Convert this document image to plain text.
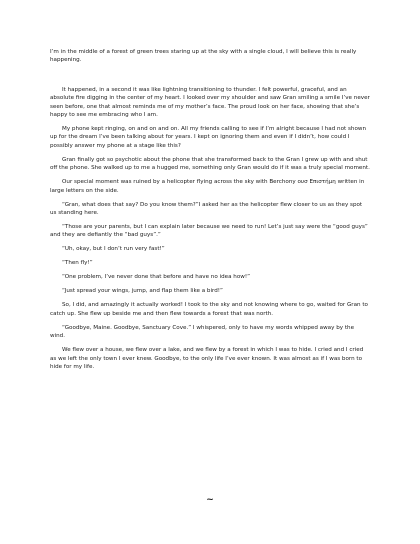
I’m in the middle of a forest of green trees staring up at the sky with a single cloud, I will believe this is really happening.

It happened, in a second it was like lightning transitioning to thunder. I felt powerful, graceful, and an absolute fire digging in the center of my heart. I looked over my shoulder and saw Gran smiling a smile I’ve never seen before, one that almost reminds me of my mother’s face. The proud look on her face, showing that she’s happy to see me embracing who I am.

My phone kept ringing, on and on and on. All my friends calling to see if I’m alright because I had not shown up for the dream I’ve been talking about for years. I kept on ignoring them and even if I didn’t, how could I possibly answer my phone at a stage like this?

Gran finally got so psychotic about the phone that she transformed back to the Gran I grew up with and shut off the phone. She walked up to me a hugged me, something only Gran would do if it was a truly special moment.

Our special moment was ruined by a helicopter flying across the sky with Berchony ουσ Επιστήμη written in large letters on the side.

“Gran, what does that say? Do you know them?”I asked her as the helicopter flew closer to us as they spot us standing here.

“Those are your parents, but I can explain later because we need to run! Let’s just say were the “good guys” and they are defiantly the “bad guys”.”

“Uh, okay, but I don’t run very fast!”

“Then fly!”

“One problem, I’ve never done that before and have no idea how!”

“Just spread your wings, jump, and flap them like a bird!”

So, I did, and amazingly it actually worked! I took to the sky and not knowing where to go, waited for Gran to catch up. She flew up beside me and then flew towards a forest that was north.

“Goodbye, Maine. Goodbye, Sanctuary Cove.” I whispered, only to have my words whipped away by the wind.

We flew over a house, we flew over a lake, and we flew by a forest in which I was to hide. I cried and I cried as we left the only town I ever knew. Goodbye, to the only life I’ve ever known. It was almost as if I was born to hide for my life.

~
